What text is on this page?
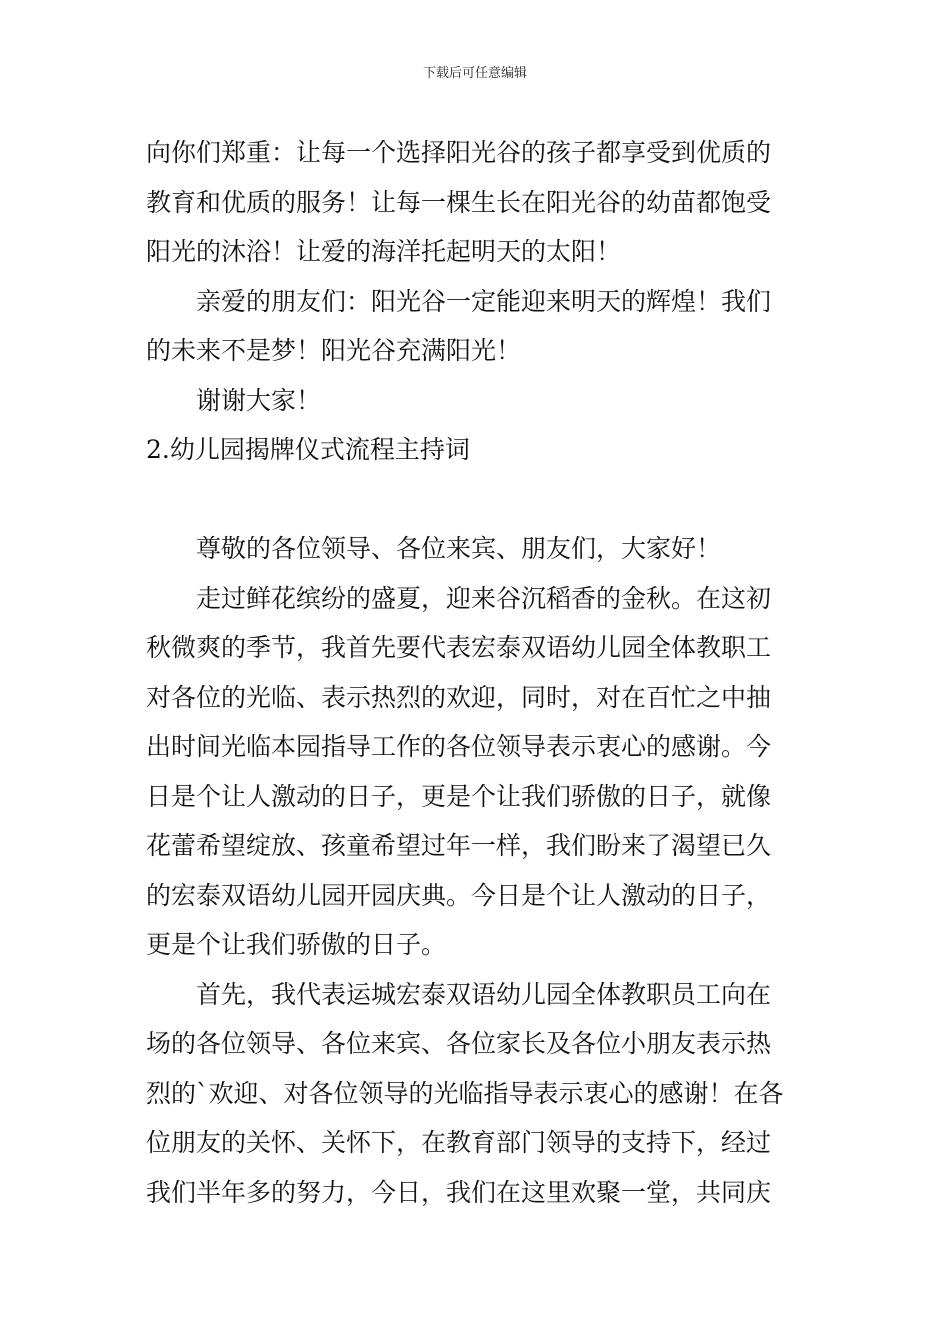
下载后可任意编辑

向你们郑重：让每一个选择阳光谷的孩子都享受到优质的

教育和优质的服务！让每一棵生长在阳光谷的幼苗都饱受

阳光的沐浴！让爱的海洋托起明天的太阳！

亲爱的朋友们：阳光谷一定能迎来明天的辉煌！我们

的未来不是梦！阳光谷充满阳光！

谢谢大家！

2.幼儿园揭牌仪式流程主持词

尊敬的各位领导、各位来宾、朋友们，大家好！

走过鲜花缤纷的盛夏，迎来谷沉稻香的金秋。在这初

秋微爽的季节，我首先要代表宏泰双语幼儿园全体教职工

对各位的光临、表示热烈的欢迎，同时，对在百忙之中抽

出时间光临本园指导工作的各位领导表示衷心的感谢。今

日是个让人激动的日子，更是个让我们骄傲的日子，就像

花蕾希望绽放、孩童希望过年一样，我们盼来了渴望已久

的宏泰双语幼儿园开园庆典。今日是个让人激动的日子，

更是个让我们骄傲的日子。

首先，我代表运城宏泰双语幼儿园全体教职员工向在

场的各位领导、各位来宾、各位家长及各位小朋友表示热

烈的`欢迎、对各位领导的光临指导表示衷心的感谢！在各

位朋友的关怀、关怀下，在教育部门领导的支持下，经过

我们半年多的努力，今日，我们在这里欢聚一堂，共同庆
